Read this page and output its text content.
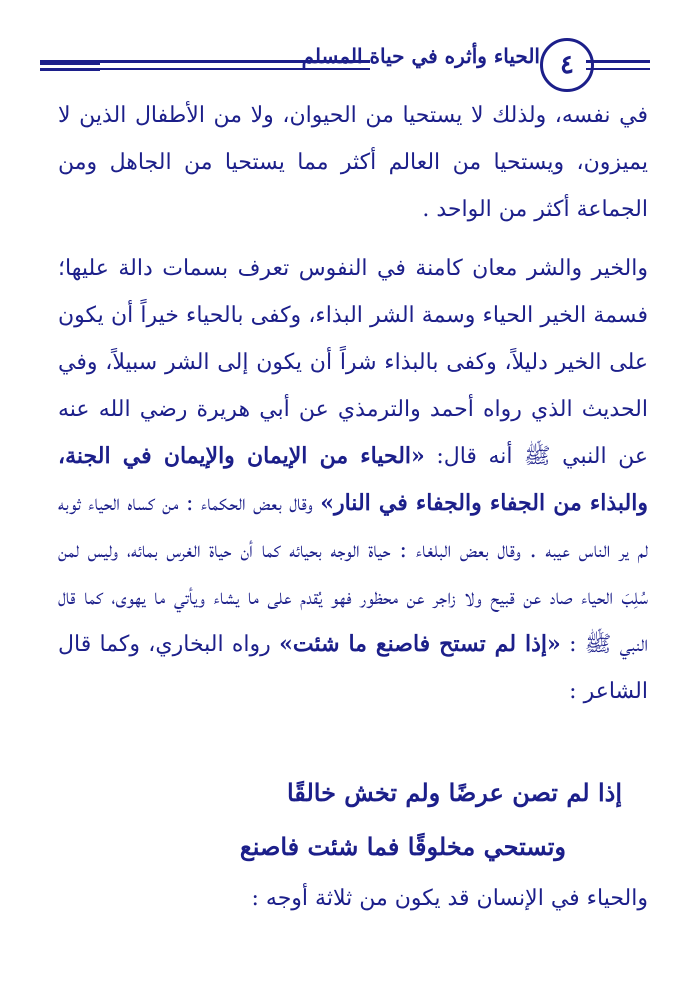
الحياء وأثره في حياة المسلم ٤

في نفسه، ولذلك لا يستحيا من الحيوان، ولا من الأطفال الذين لا يميزون، ويستحيا من العالم أكثر مما يستحيا من الجاهل ومن الجماعة أكثر من الواحد .

والخير والشر معان كامنة في النفوس تعرف بسمات دالة عليها؛ فسمة الخير الحياء وسمة الشر البذاء، وكفى بالحياء خيراً أن يكون على الخير دليلاً، وكفى بالبذاء شراً أن يكون إلى الشر سبيلاً، وفي الحديث الذي رواه أحمد والترمذي عن أبي هريرة رضي الله عنه عن النبي ﷺ أنه قال: «الحياء من الإيمان والإيمان في الجنة، والبذاء من الجفاء والجفاء في النار» وقال بعض الحكماء : من كساه الحياء ثوبه لم ير الناس عيبه . وقال بعض البلغاء : حياة الوجه بحيائه كما أن حياة الغرس بمائه، وليس لمن سُلِبَ الحياء صاد عن قبيح ولا زاجر عن محظور فهو يُقدم على ما يشاء ويأتي ما يهوى، كما قال النبي ﷺ : «إذا لم تستح فاصنع ما شئت» رواه البخاري، وكما قال الشاعر :

إذا لم تصن عرضًا ولم تخش خالقًا
وتستحي مخلوقًا فما شئت فاصنع
والحياء في الإنسان قد يكون من ثلاثة أوجه :
